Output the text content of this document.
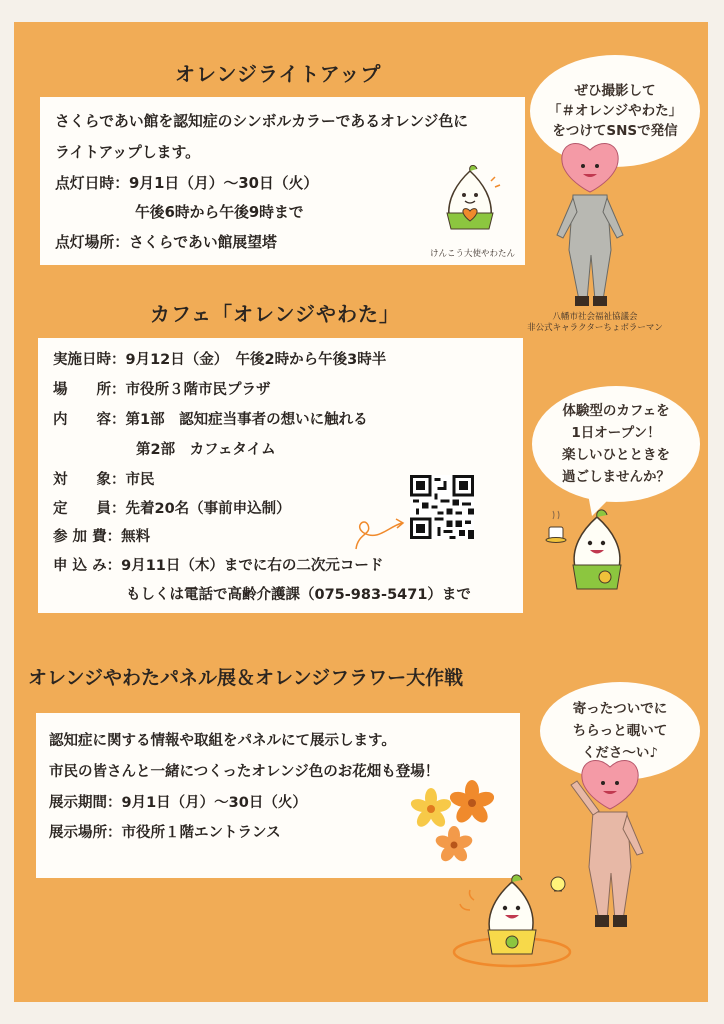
オレンジライトアップ
さくらであい館を認知症のシンボルカラーであるオレンジ色に
ライトアップします。
点灯日時：9月1日（月）〜30日（火）
午後6時から午後9時まで
点灯場所：さくらであい館展望塔
けんこう大使やわたん
ぜひ撮影して
「＃オレンジやわた」
をつけてSNSで発信
八幡市社会福祉協議会
非公式キャラクターちょボラーマン
カフェ「オレンジやわた」
実施日時：9月12日（金）　午後2時から午後3時半
場　　所：市役所３階市民プラザ
内　　容：第1部　認知症当事者の想いに触れる
第2部　カフェタイム
対　　象：市民
定　　員：先着20名（事前申込制）
参 加 費：無料
申 込 み：9月11日（木）までに右の二次元コード
もしくは電話で高齢介護課（075-983-5471）まで
体験型のカフェを
1日オープン！
楽しいひとときを
過ごしませんか？
オレンジやわたパネル展＆オレンジフラワー大作戦
認知症に関する情報や取組をパネルにて展示します。
市民の皆さんと一緒につくったオレンジ色のお花畑も登場！
展示期間：9月1日（月）〜30日（火）
展示場所：市役所１階エントランス
寄ったついでに
ちらっと覗いて
くださ〜い♪
